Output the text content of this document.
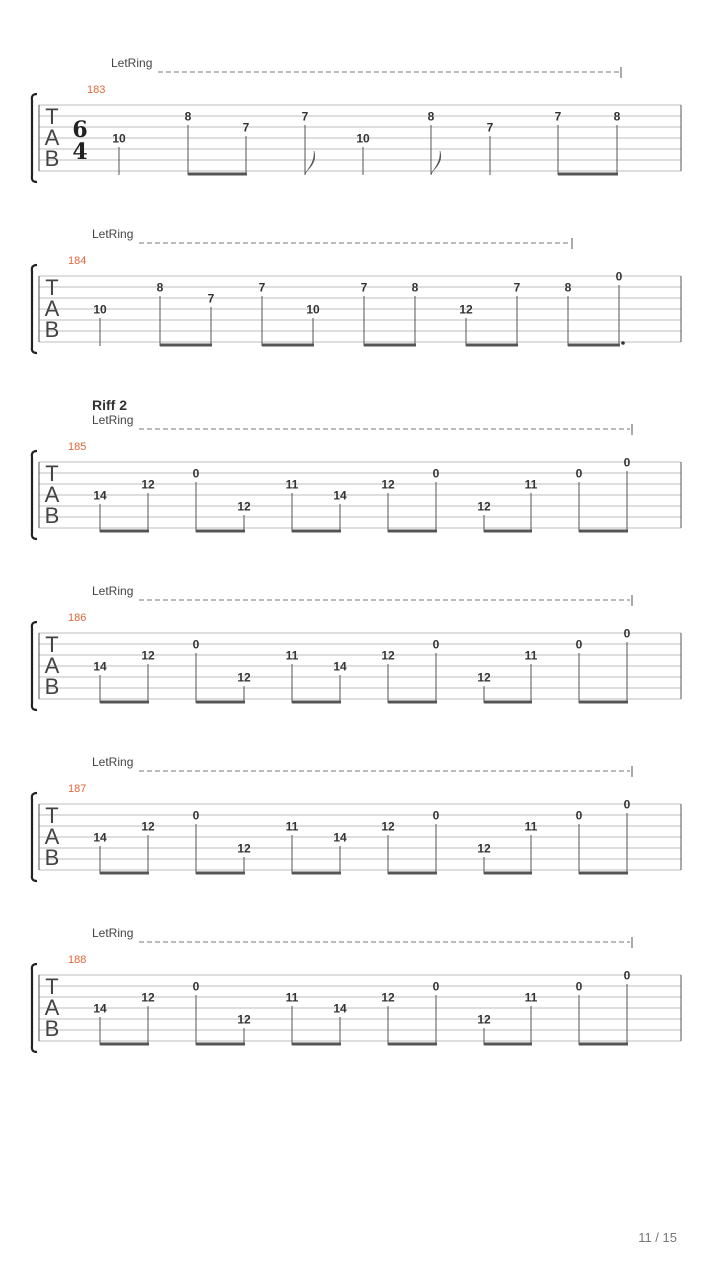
LetRing
183
T
A
B
6
4
10
8
7
7
10
8
7
7	8
LetRing
184
T
A
B
10
8
7
7
10
7	8
12
7	8
0
Riff 2
LetRing
185
T
A
B
14
12
0
12
11
14
12
0
12
11
0
0
LetRing
186
T
A
B
14
12
0
12
11
14
12
0
12
11
0
0
LetRing
187
T
A
B
14
12
0
12
11
14
12
0
12
11
0
0
LetRing
188
T
A
B
14
12
0
12
11
14
12
0
12
11
0
0
11 / 15
